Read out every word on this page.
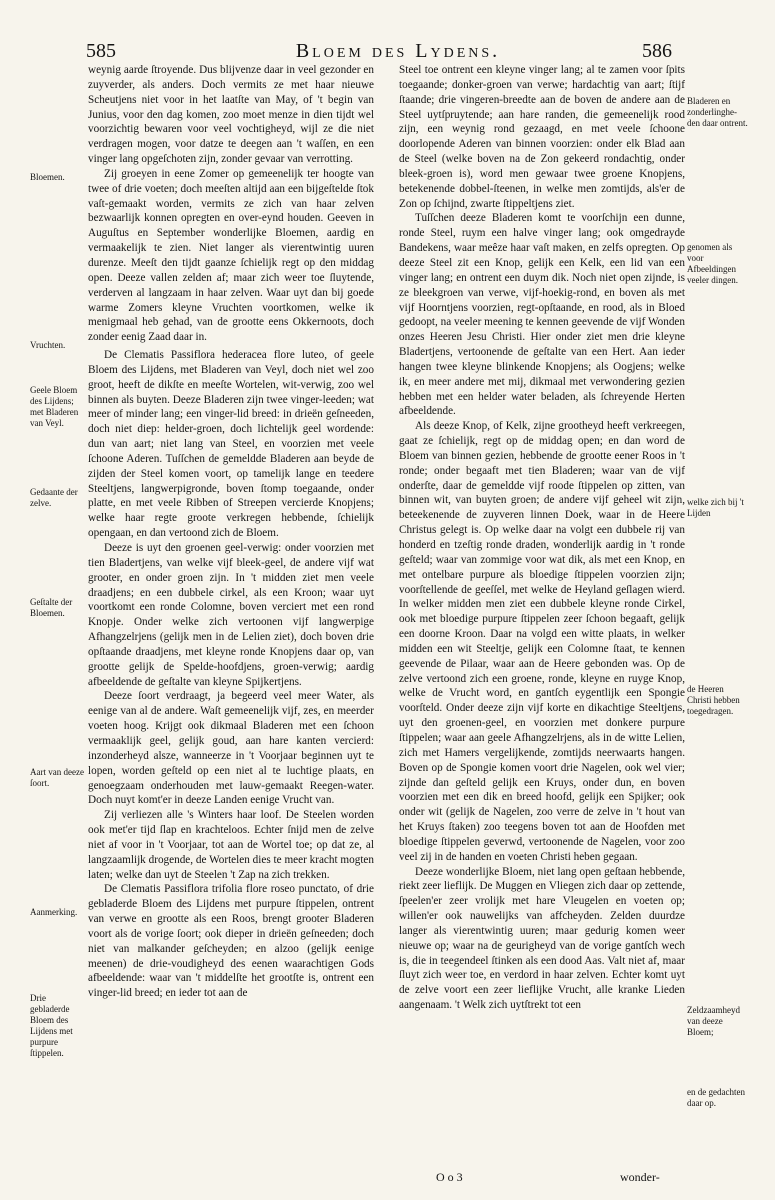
585	Bloem des Lydens.	586

weynig aarde ſtroyende. Dus blijvenze daar in veel gezonder en zuyverder, als anders. Doch vermits ze met haar nieuwe Scheutjens niet voor in het laatſte van May, of 't begin van Junius, voor den dag komen, zoo moet menze in dien tijdt wel voorzichtig bewaren voor veel vochtigheyd, wijl ze die niet verdragen mogen, voor datze te deegen aan 't waſſen, en een vinger lang opgeſchoten zijn, zonder gevaar van verrotting.

Zij groeyen in eene Zomer op gemeenelijk ter hoogte van twee of drie voeten; doch meeſten altijd aan een bijgeſtelde ſtok vaſt-gemaakt worden, vermits ze zich van haar zelven bezwaarlijk konnen opregten en over-eynd houden. Geeven in Auguſtus en September wonderlijke Bloemen, aardig en vermaakelijk te zien. Niet langer als vierentwintig uuren durenze. Meeſt den tijdt gaanze ſchielijk regt op den middag open. Deeze vallen zelden af; maar zich weer toe ſluytende, verderven al langzaam in haar zelven. Waar uyt dan bij goede warme Zomers kleyne Vruchten voortkomen, welke ik menigmaal heb gehad, van de grootte eens Okkernoots, doch zonder eenig Zaad daar in.

De Clematis Passiflora hederacea flore luteo, of geele Bloem des Lijdens, met Bladeren van Veyl, doch niet wel zoo groot, heeft de dikſte en meeſte Wortelen, wit-verwig, zoo wel binnen als buyten. Deeze Bladeren zijn twee vinger-leeden; wat meer of minder lang; een vinger-lid breed: in drieën geſneeden, doch niet diep: helder-groen, doch lichtelijk geel wordende: dun van aart; niet lang van Steel, en voorzien met veele ſchoone Aderen. Tuſſchen de gemeldde Bladeren aan beyde de zijden der Steel komen voort, op tamelijk lange en teedere Steeltjens, langwerpigronde, boven ſtomp toegaande, onder platte, en met veele Ribben of Streepen vercierde Knopjens; welke haar regte groote verkregen hebbende, ſchielijk opengaan, en dan vertoond zich de Bloem.

Deeze is uyt den groenen geel-verwig: onder voorzien met tien Bladertjens, van welke vijf bleek-geel, de andere vijf wat grooter, en onder groen zijn. In 't midden ziet men veele draadjens; en een dubbele cirkel, als een Kroon; waar uyt voortkomt een ronde Colomne, boven verciert met een rond Knopje. Onder welke zich vertoonen vijf langwerpige Afhangzelrjens (gelijk men in de Lelien ziet), doch boven drie opſtaande draadjens, met kleyne ronde Knopjens daar op, van grootte gelijk de Spelde-hoofdjens, groen-verwig; aardig afbeeldende de geſtalte van kleyne Spijkertjens.

Deeze ſoort verdraagt, ja begeerd veel meer Water, als eenige van al de andere. Waſt gemeenelijk vijf, zes, en meerder voeten hoog. Krijgt ook dikmaal Bladeren met een ſchoon vermaaklijk geel, gelijk goud, aan hare kanten vercierd: inzonderheyd alsze, wanneerze in 't Voorjaar beginnen uyt te lopen, worden geſteld op een niet al te luchtige plaats, en genoegzaam onderhouden met lauw-gemaakt Reegen-water. Doch nuyt komt'er in deeze Landen eenige Vrucht van.

Zij verliezen alle 's Winters haar loof. De Steelen worden ook met'er tijd ſlap en krachteloos. Echter ſnijd men de zelve niet af voor in 't Voorjaar, tot aan de Wortel toe; op dat ze, al langzaamlijk drogende, de Wortelen dies te meer kracht mogten laten; welke dan uyt de Steelen 't Zap na zich trekken.

De Clematis Passiflora trifolia flore roseo punctato, of drie gebladerde Bloem des Lijdens met purpure ſtippelen, ontrent van verwe en grootte als een Roos, brengt grooter Bladeren voort als de vorige ſoort; ook dieper in drieën geſneeden; doch niet van malkander geſcheyden; en alzoo (gelijk eenige meenen) de drie-voudigheyd des eenen waarachtigen Gods afbeeldende: waar van 't middelſte het grootſte is, ontrent een vinger-lid breed; en ieder tot aan de

Steel toe ontrent een kleyne vinger lang; al te zamen voor ſpits toegaande; donker-groen van verwe; hardachtig van aart; ſtijf ſtaande; drie vingeren-breedte aan de boven de andere aan de Steel uytſpruytende; aan hare randen, die gemeenelijk rood zijn, een weynig rond gezaagd, en met veele ſchoone doorlopende Aderen van binnen voorzien: onder elk Blad aan de Steel (welke boven na de Zon gekeerd rondachtig, onder bleek-groen is), word men gewaar twee groene Knopjens, betekenende dobbel-ſteenen, in welke men zomtijds, als'er de Zon op ſchijnd, zwarte ſtippeltjens ziet.

Tuſſchen deeze Bladeren komt te voorſchijn een dunne, ronde Steel, ruym een halve vinger lang; ook omgedrayde Bandekens, waar meêze haar vaſt maken, en zelfs opregten. Op deeze Steel zit een Knop, gelijk een Kelk, een lid van een vinger lang; en ontrent een duym dik. Noch niet open zijnde, is ze bleekgroen van verwe, vijf-hoekig-rond, en boven als met vijf Hoorntjens voorzien, regt-opſtaande, en rood, als in Bloed gedoopt, na veeler meening te kennen geevende de vijf Wonden onzes Heeren Jesu Christi. Hier onder ziet men drie kleyne Bladertjens, vertoonende de geſtalte van een Hert. Aan ieder hangen twee kleyne blinkende Knopjens; als Oogjens; welke ik, en meer andere met mij, dikmaal met verwondering gezien hebben met een helder water beladen, als ſchreyende Herten afbeeldende.

Als deeze Knop, of Kelk, zijne grootheyd heeft verkreegen, gaat ze ſchielijk, regt op de middag open; en dan word de Bloem van binnen gezien, hebbende de grootte eener Roos in 't ronde; onder begaaft met tien Bladeren; waar van de vijf onderſte, daar de gemeldde vijf roode ſtippelen op zitten, van binnen wit, van buyten groen; de andere vijf geheel wit zijn, beteekenende de zuyveren linnen Doek, waar in de Heere Christus gelegt is. Op welke daar na volgt een dubbele rij van honderd en tzeſtig ronde draden, wonderlijk aardig in 't ronde geſteld; waar van zommige voor wat dik, als met een Knop, en met ontelbare purpure als bloedige ſtippelen voorzien zijn; voorſtellende de geeſſel, met welke de Heyland geſlagen wierd. In welker midden men ziet een dubbele kleyne ronde Cirkel, ook met bloedige purpure ſtippelen zeer ſchoon begaaft, gelijk een doorne Kroon. Daar na volgd een witte plaats, in welker midden een wit Steeltje, gelijk een Colomne ſtaat, te kennen geevende de Pilaar, waar aan de Heere gebonden was. Op de zelve vertoond zich een groene, ronde, kleyne en ruyge Knop, welke de Vrucht word, en gantſch eygentlijk een Spongie voorſteld. Onder deeze zijn vijf korte en dikachtige Steeltjens, uyt den groenen-geel, en voorzien met donkere purpure ſtippelen; waar aan geele Afhangzelrjens, als in de witte Lelien, zich met Hamers vergelijkende, zomtijds neerwaarts hangen. Boven op de Spongie komen voort drie Nagelen, ook wel vier; zijnde dan geſteld gelijk een Kruys, onder dun, en boven voorzien met een dik en breed hoofd, gelijk een Spijker; ook onder wit (gelijk de Nagelen, zoo verre de zelve in 't hout van het Kruys ſtaken) zoo teegens boven tot aan de Hoofden met bloedige ſtippelen geverwd, vertoonende de Nagelen, voor zoo veel zij in de handen en voeten Christi heben gegaan.

Deeze wonderlijke Bloem, niet lang open geſtaan hebbende, riekt zeer lieflijk. De Muggen en Vliegen zich daar op zettende, ſpeelen'er zeer vrolijk met hare Vleugelen en voeten op; willen'er ook nauwelijks van affcheyden. Zelden duurdze langer als vierentwintig uuren; maar gedurig komen weer nieuwe op; waar na de geurigheyd van de vorige gantſch wech is, die in teegendeel ſtinken als een dood Aas. Valt niet af, maar ſluyt zich weer toe, en verdord in haar zelven. Echter komt uyt de zelve voort een zeer lieflijke Vrucht, alle kranke Lieden aangenaam. 't Welk zich uytſtrekt tot een

Bloemen.
Vruchten.
Geele Bloem des Lijdens; met Bladeren van Veyl.
Gedaante der zelve.
Geſtalte der Bloemen.
Aart van deeze ſoort.
Aanmerking.
Drie gebladerde Bloem des Lijdens met purpure ſtippelen.
Bladeren en zonderlinghe-den daar ontrent.
genomen als voor Afbeeldingen veeler dingen.
welke zich bij 't Lijden
de Heeren Christi hebben toegedragen.
Zeldzaamheyd van deeze Bloem;
en de gedachten daar op.
O o 3	wonder-
